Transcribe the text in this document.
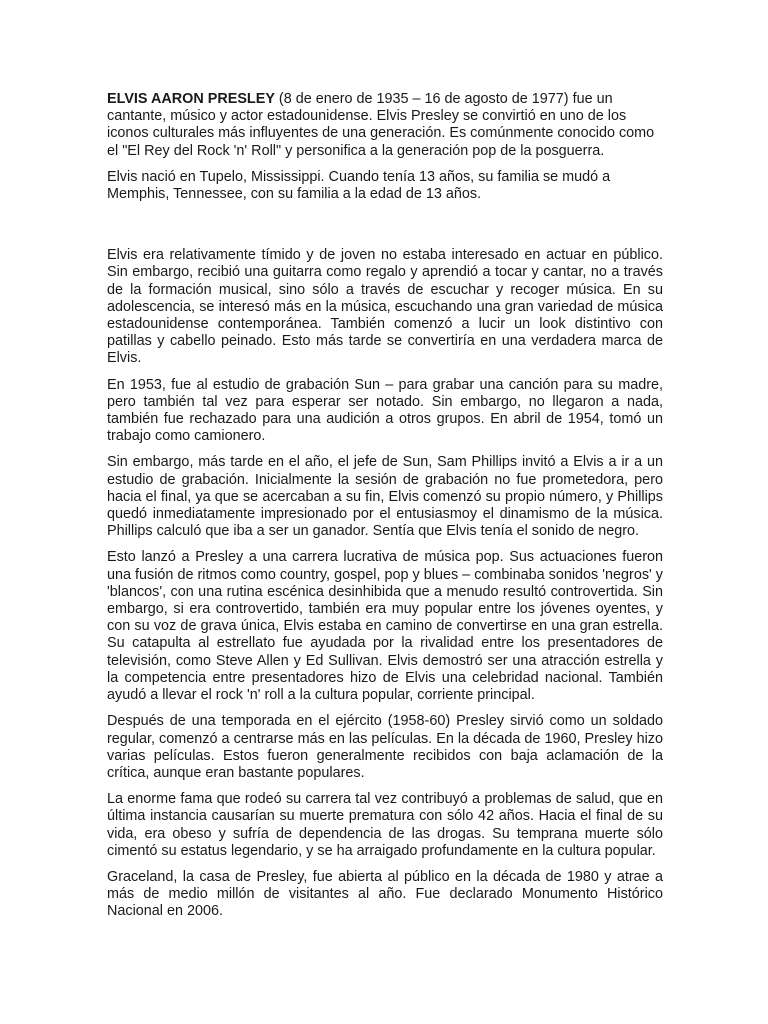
ELVIS AARON PRESLEY (8 de enero de 1935 – 16 de agosto de 1977) fue un cantante, músico y actor estadounidense. Elvis Presley se convirtió en uno de los iconos culturales más influyentes de una generación. Es comúnmente conocido como el "El Rey del Rock 'n' Roll" y personifica a la generación pop de la posguerra.

Elvis nació en Tupelo, Mississippi. Cuando tenía 13 años, su familia se mudó a Memphis, Tennessee, con su familia a la edad de 13 años.

Elvis era relativamente tímido y de joven no estaba interesado en actuar en público. Sin embargo, recibió una guitarra como regalo y aprendió a tocar y cantar, no a través de la formación musical, sino sólo a través de escuchar y recoger música. En su adolescencia, se interesó más en la música, escuchando una gran variedad de música estadounidense contemporánea. También comenzó a lucir un look distintivo con patillas y cabello peinado. Esto más tarde se convertiría en una verdadera marca de Elvis.

En 1953, fue al estudio de grabación Sun – para grabar una canción para su madre, pero también tal vez para esperar ser notado. Sin embargo, no llegaron a nada, también fue rechazado para una audición a otros grupos. En abril de 1954, tomó un trabajo como camionero.

Sin embargo, más tarde en el año, el jefe de Sun, Sam Phillips invitó a Elvis a ir a un estudio de grabación. Inicialmente la sesión de grabación no fue prometedora, pero hacia el final, ya que se acercaban a su fin, Elvis comenzó su propio número, y Phillips quedó inmediatamente impresionado por el entusiasmoy el dinamismo de la música. Phillips calculó que iba a ser un ganador. Sentía que Elvis tenía el sonido de negro.

Esto lanzó a Presley a una carrera lucrativa de música pop. Sus actuaciones fueron una fusión de ritmos como country, gospel, pop y blues – combinaba sonidos 'negros' y 'blancos', con una rutina escénica desinhibida que a menudo resultó controvertida. Sin embargo, si era controvertido, también era muy popular entre los jóvenes oyentes, y con su voz de grava única, Elvis estaba en camino de convertirse en una gran estrella. Su catapulta al estrellato fue ayudada por la rivalidad entre los presentadores de televisión, como Steve Allen y Ed Sullivan. Elvis demostró ser una atracción estrella y la competencia entre presentadores hizo de Elvis una celebridad nacional. También ayudó a llevar el rock 'n' roll a la cultura popular, corriente principal.

Después de una temporada en el ejército (1958-60) Presley sirvió como un soldado regular, comenzó a centrarse más en las películas. En la década de 1960, Presley hizo varias películas. Estos fueron generalmente recibidos con baja aclamación de la crítica, aunque eran bastante populares.

La enorme fama que rodeó su carrera tal vez contribuyó a problemas de salud, que en última instancia causarían su muerte prematura con sólo 42 años. Hacia el final de su vida, era obeso y sufría de dependencia de las drogas. Su temprana muerte sólo cimentó su estatus legendario, y se ha arraigado profundamente en la cultura popular.

Graceland, la casa de Presley, fue abierta al público en la década de 1980 y atrae a más de medio millón de visitantes al año. Fue declarado Monumento Histórico Nacional en 2006.
